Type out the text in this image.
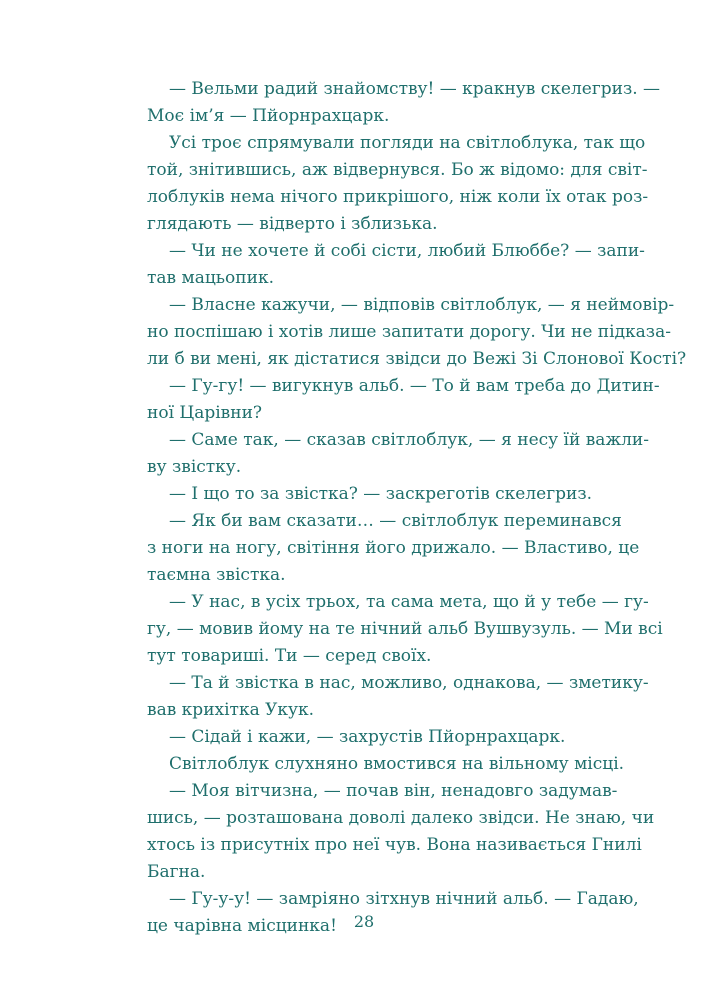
— Вельми радий знайомству! — кракнув скелегриз. —
Моє ім’я — Пйорнрахцарк.
Усі троє спрямували погляди на світлоблука, так що
той, знітившись, аж відвернувся. Бо ж відомо: для світ-
лоблуків нема нічого прикрішого, ніж коли їх отак роз-
глядають — відверто і зблизька.
— Чи не хочете й собі сісти, любий Блюббе? — запи-
тав мацьопик.
— Власне кажучи, — відповів світлоблук, — я неймовір-
но поспішаю і хотів лише запитати дорогу. Чи не підказа-
ли б ви мені, як дістатися звідси до Вежі Зі Слонової Кості?
— Гу-гу! — вигукнув альб. — То й вам треба до Дитин-
ної Царівни?
— Саме так, — сказав світлоблук, — я несу їй важли-
ву звістку.
— І що то за звістка? — заскреготів скелегриз.
— Як би вам сказати… — світлоблук переминався
з ноги на ногу, світіння його дрижало. — Властиво, це
таємна звістка.
— У нас, в усіх трьох, та сама мета, що й у тебе — гу-
гу, — мовив йому на те нічний альб Вушвузуль. — Ми всі
тут товариші. Ти — серед своїх.
— Та й звістка в нас, можливо, однакова, — зметику-
вав крихітка Укук.
— Сідай і кажи, — захрустів Пйорнрахцарк.
Світлоблук слухняно вмостився на вільному місці.
— Моя вітчизна, — почав він, ненадовго задумав-
шись, — розташована доволі далеко звідси. Не знаю, чи
хтось із присутніх про неї чув. Вона називається Гнилі
Багна.
— Гу-у-у! — замріяно зітхнув нічний альб. — Гадаю,
це чарівна місцинка!	28
